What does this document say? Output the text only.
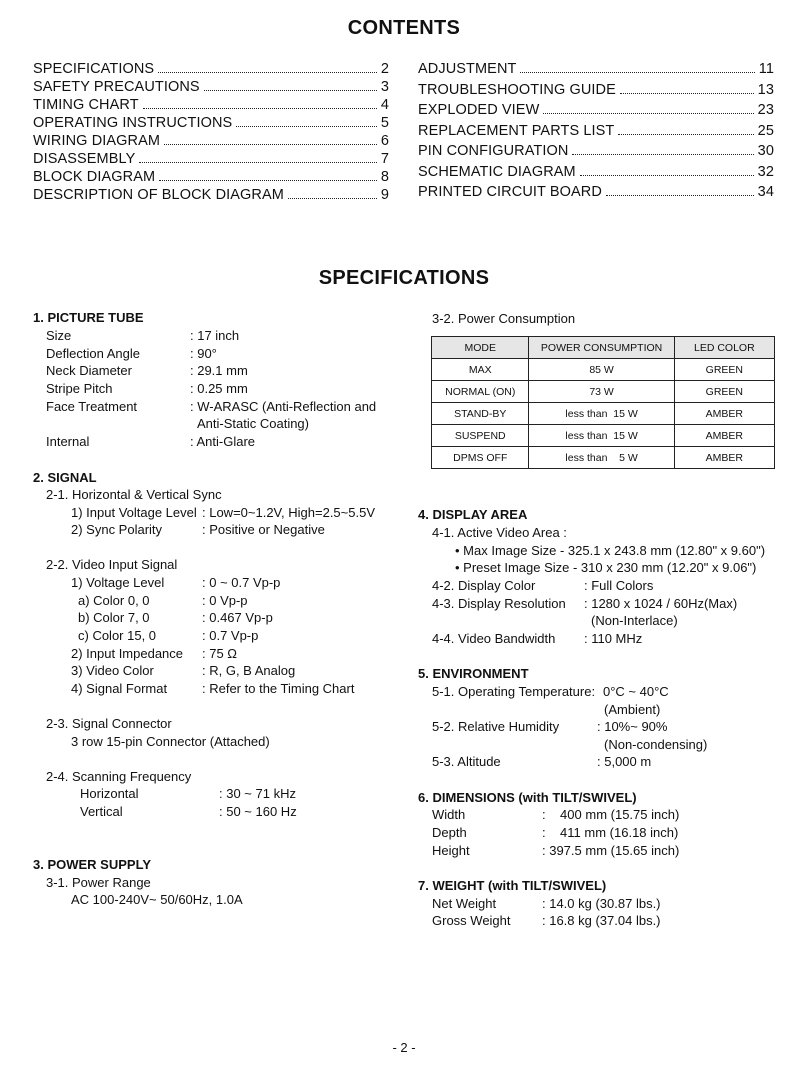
CONTENTS
SPECIFICATIONS	2
SAFETY PRECAUTIONS	3
TIMING CHART	4
OPERATING INSTRUCTIONS	5
WIRING DIAGRAM	6
DISASSEMBLY	7
BLOCK DIAGRAM	8
DESCRIPTION OF BLOCK DIAGRAM	9
ADJUSTMENT	11
TROUBLESHOOTING GUIDE	13
EXPLODED VIEW	23
REPLACEMENT PARTS LIST	25
PIN CONFIGURATION	30
SCHEMATIC DIAGRAM	32
PRINTED CIRCUIT BOARD	34
SPECIFICATIONS
1. PICTURE TUBE
Size	: 17 inch
Deflection Angle	: 90°
Neck Diameter	: 29.1 mm
Stripe Pitch	: 0.25 mm
Face Treatment	: W-ARASC (Anti-Reflection and
Anti-Static Coating)
Internal	: Anti-Glare
2. SIGNAL
2-1. Horizontal & Vertical Sync
1) Input Voltage Level : Low=0~1.2V, High=2.5~5.5V
2) Sync Polarity	: Positive or Negative
2-2. Video Input Signal
1) Voltage Level	: 0 ~ 0.7 Vp-p
a) Color 0, 0	: 0 Vp-p
b) Color 7, 0	: 0.467 Vp-p
c) Color 15, 0	: 0.7 Vp-p
2) Input Impedance : 75 Ω
3) Video Color	: R, G, B Analog
4) Signal Format	: Refer to the Timing Chart
2-3. Signal Connector
3 row 15-pin Connector (Attached)
2-4. Scanning Frequency
Horizontal	: 30 ~ 71 kHz
Vertical	: 50 ~ 160 Hz
3. POWER SUPPLY
3-1. Power Range
AC 100-240V~ 50/60Hz, 1.0A
3-2. Power Consumption
MODE	POWER CONSUMPTION	LED COLOR
MAX	85 W	GREEN
NORMAL (ON)	73 W	GREEN
STAND-BY	less than  15 W	AMBER
SUSPEND	less than  15 W	AMBER
DPMS OFF	less than    5 W	AMBER
4. DISPLAY AREA
4-1. Active Video Area :
• Max Image Size - 325.1 x 243.8 mm (12.80" x 9.60")
• Preset Image Size - 310 x 230 mm (12.20" x 9.06")
4-2. Display Color	: Full Colors
4-3. Display Resolution : 1280 x 1024 / 60Hz(Max)
(Non-Interlace)
4-4. Video Bandwidth : 110 MHz
5. ENVIRONMENT
5-1. Operating Temperature: 0°C ~ 40°C
(Ambient)
5-2. Relative Humidity	: 10%~ 90%
(Non-condensing)
5-3. Altitude	: 5,000 m
6. DIMENSIONS (with TILT/SWIVEL)
Width	:    400 mm (15.75 inch)
Depth	:    411 mm (16.18 inch)
Height	: 397.5 mm (15.65 inch)
7. WEIGHT (with TILT/SWIVEL)
Net Weight	: 14.0 kg (30.87 lbs.)
Gross Weight : 16.8 kg (37.04 lbs.)
- 2 -
